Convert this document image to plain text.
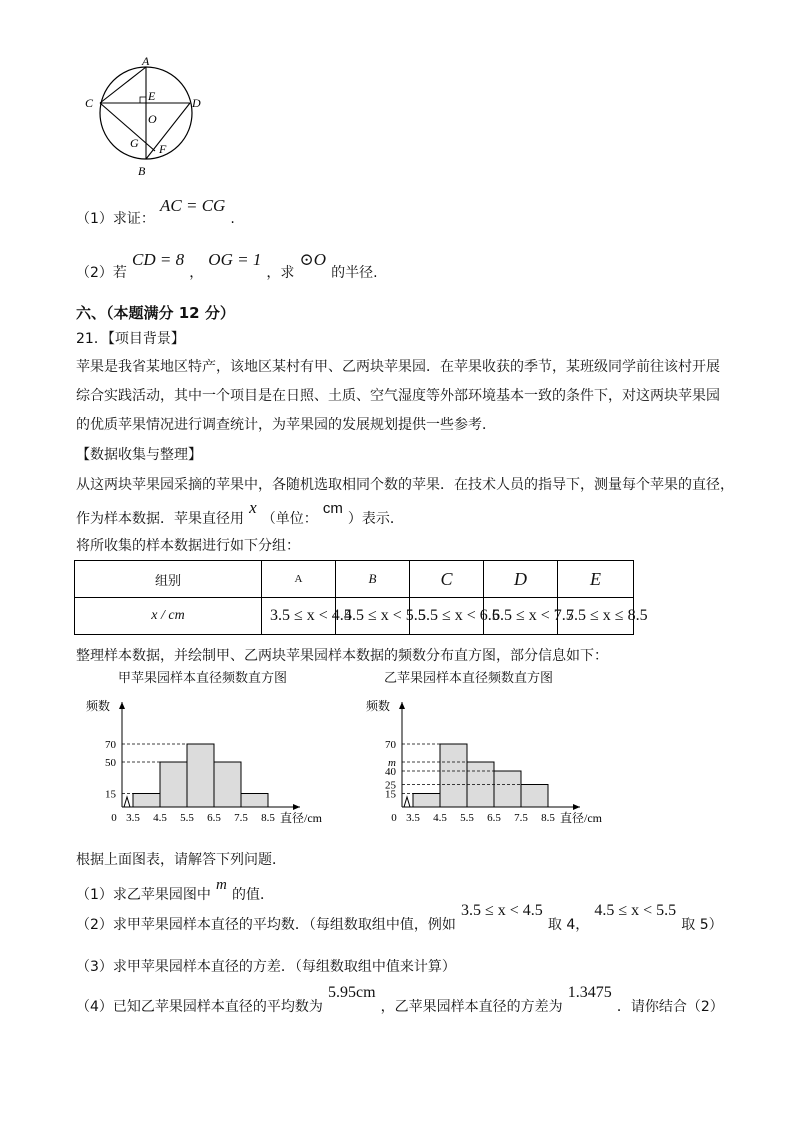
A
C	E	D
O
G F
B
（1）求证： AC = CG .
（2）若 CD = 8 ， OG = 1 ，求 ⊙O 的半径.
六、（本题满分 12 分）
21．【项目背景】
苹果是我省某地区特产，该地区某村有甲、乙两块苹果园．在苹果收获的季节，某班级同学前往该村开展
综合实践活动，其中一个项目是在日照、土质、空气湿度等外部环境基本一致的条件下，对这两块苹果园
的优质苹果情况进行调查统计，为苹果园的发展规划提供一些参考．
【数据收集与整理】
从这两块苹果园采摘的苹果中，各随机选取相同个数的苹果．在技术人员的指导下，测量每个苹果的直径，
作为样本数据．苹果直径用 x （单位： cm ）表示．
将所收集的样本数据进行如下分组：
组别	A	B	C	D	E
x / cm	3.5 ≤ x < 4.5	4.5 ≤ x < 5.5	5.5 ≤ x < 6.5	6.5 ≤ x < 7.5	7.5 ≤ x ≤ 8.5
整理样本数据，并绘制甲、乙两块苹果园样本数据的频数分布直方图，部分信息如下：
甲苹果园样本直径频数直方图	乙苹果园样本直径频数直方图
15
50
70
0 3.5 4.5 5.5 6.5 7.5 8.5
频数
直径/cm
15
25
40
m
70
0 3.5 4.5 5.5 6.5 7.5 8.5
频数
直径/cm
根据上面图表，请解答下列问题．
（1）求乙苹果园图中 m 的值．
（2）求甲苹果园样本直径的平均数．（每组数取组中值，例如 3.5 ≤ x < 4.5 取 4， 4.5 ≤ x < 5.5 取 5）
（3）求甲苹果园样本直径的方差．（每组数取组中值来计算）
（4）已知乙苹果园样本直径的平均数为 5.95cm ，乙苹果园样本直径的方差为 1.3475 ．请你结合（2）
